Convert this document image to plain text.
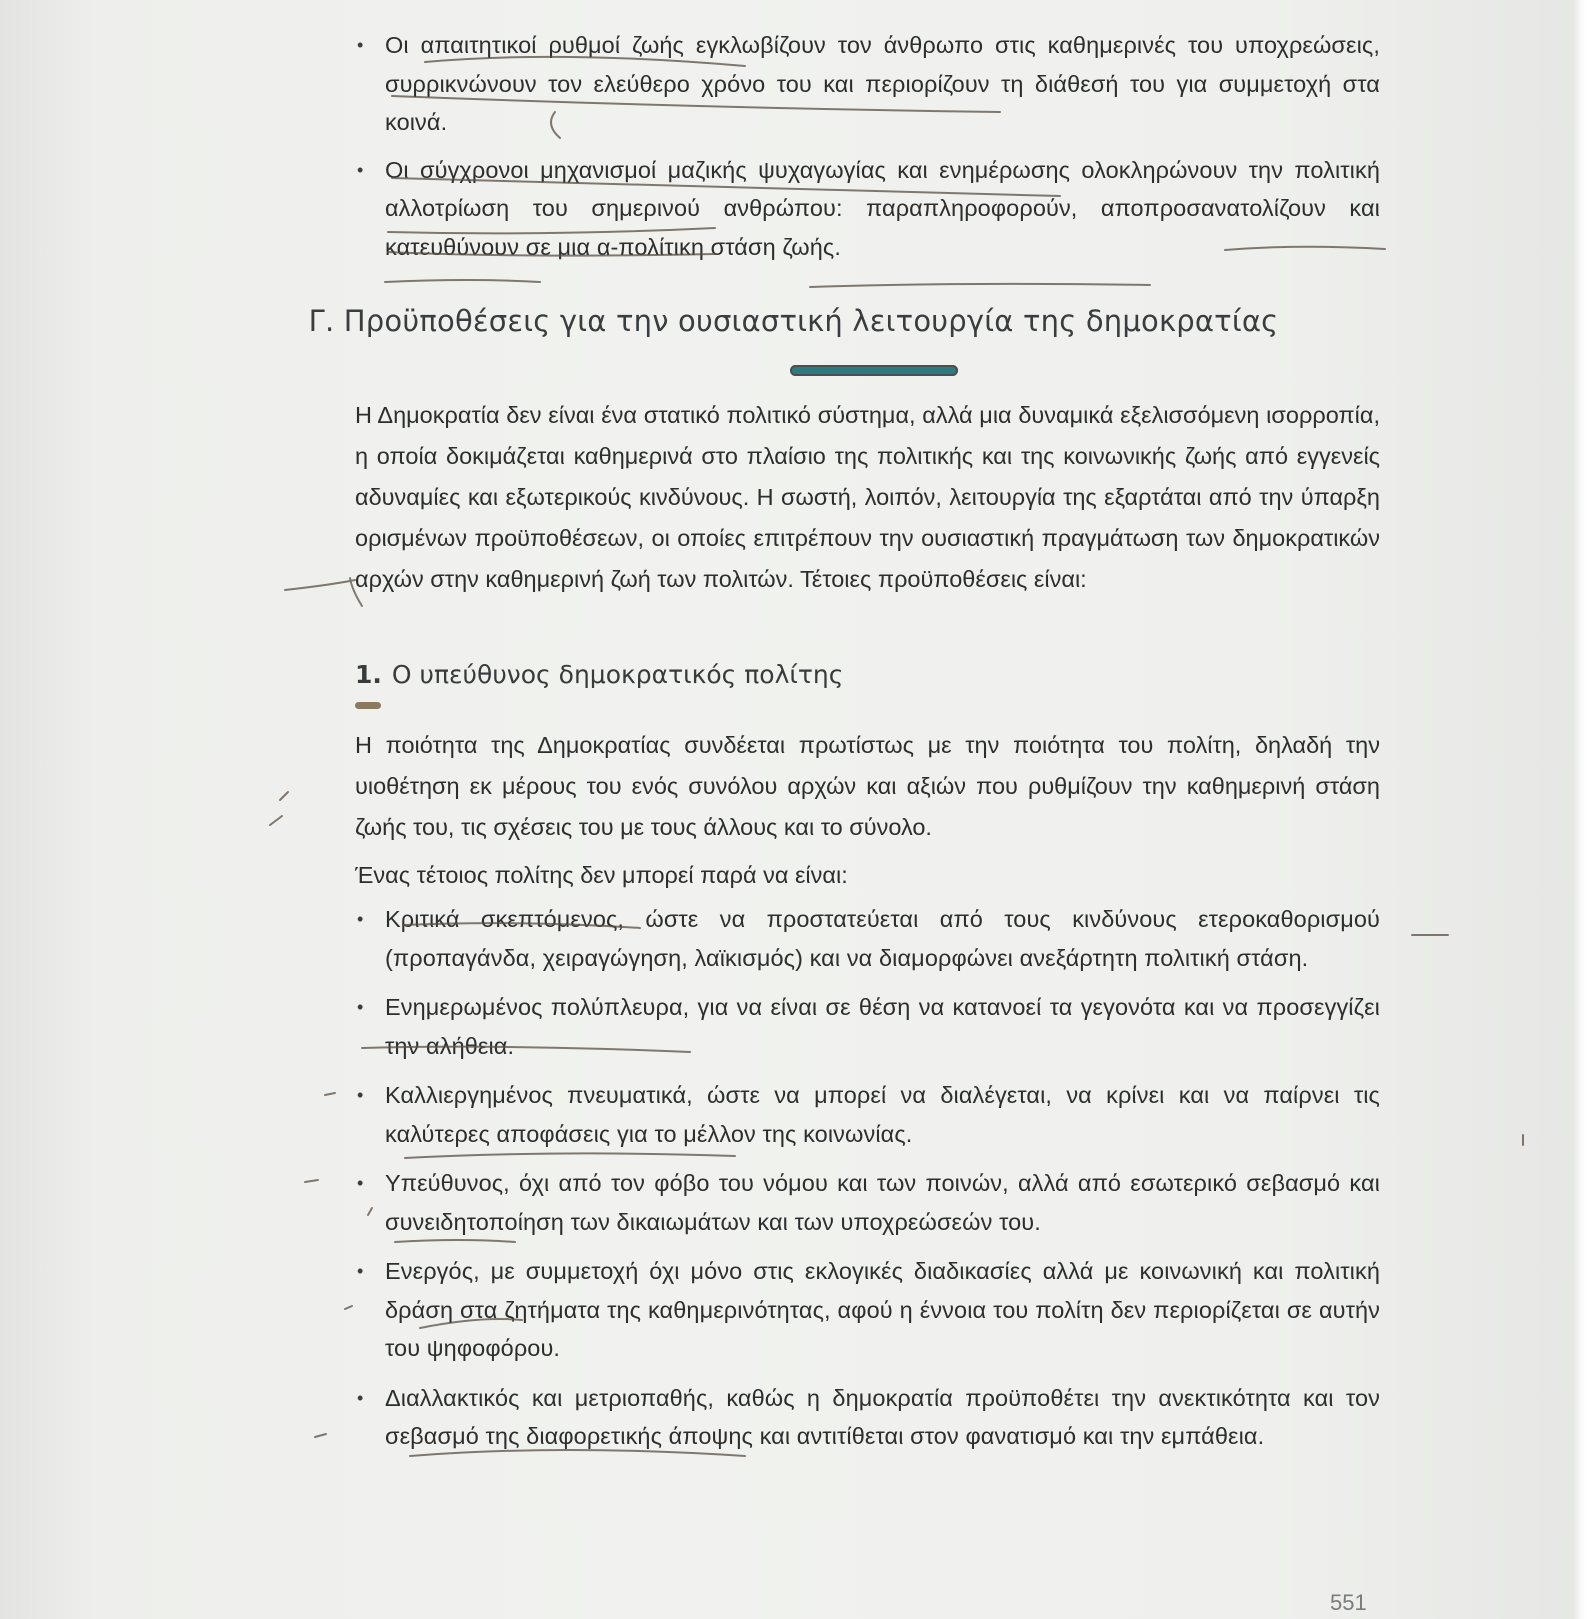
• Οι απαιτητικοί ρυθμοί ζωής εγκλωβίζουν τον άνθρωπο στις καθημερινές του υποχρεώσεις, συρρικνώνουν τον ελεύθερο χρόνο του και περιορίζουν τη διάθεσή του για συμμετοχή στα κοινά.
• Οι σύγχρονοι μηχανισμοί μαζικής ψυχαγωγίας και ενημέρωσης ολοκληρώνουν την πολιτική αλλοτρίωση του σημερινού ανθρώπου: παραπληροφορούν, αποπροσανατολίζουν και κατευθύνουν σε μια α-πολίτικη στάση ζωής.
Γ. Προϋποθέσεις για την ουσιαστική λειτουργία της δημοκρατίας

Η Δημοκρατία δεν είναι ένα στατικό πολιτικό σύστημα, αλλά μια δυναμικά εξελισσόμενη ισορροπία, η οποία δοκιμάζεται καθημερινά στο πλαίσιο της πολιτικής και της κοινωνικής ζωής από εγγενείς αδυναμίες και εξωτερικούς κινδύνους. Η σωστή, λοιπόν, λειτουργία της εξαρτάται από την ύπαρξη ορισμένων προϋποθέσεων, οι οποίες επιτρέπουν την ουσιαστική πραγμάτωση των δημοκρατικών αρχών στην καθημερινή ζωή των πολιτών. Τέτοιες προϋποθέσεις είναι:

1. Ο υπεύθυνος δημοκρατικός πολίτης

Η ποιότητα της Δημοκρατίας συνδέεται πρωτίστως με την ποιότητα του πολίτη, δηλαδή την υιοθέτηση εκ μέρους του ενός συνόλου αρχών και αξιών που ρυθμίζουν την καθημερινή στάση ζωής του, τις σχέσεις του με τους άλλους και το σύνολο.

Ένας τέτοιος πολίτης δεν μπορεί παρά να είναι:

• Κριτικά σκεπτόμενος, ώστε να προστατεύεται από τους κινδύνους ετεροκαθορισμού (προπαγάνδα, χειραγώγηση, λαϊκισμός) και να διαμορφώνει ανεξάρτητη πολιτική στάση.
• Ενημερωμένος πολύπλευρα, για να είναι σε θέση να κατανοεί τα γεγονότα και να προσεγγίζει την αλήθεια.
• Καλλιεργημένος πνευματικά, ώστε να μπορεί να διαλέγεται, να κρίνει και να παίρνει τις καλύτερες αποφάσεις για το μέλλον της κοινωνίας.
• Υπεύθυνος, όχι από τον φόβο του νόμου και των ποινών, αλλά από εσωτερικό σεβασμό και συνειδητοποίηση των δικαιωμάτων και των υποχρεώσεών του.
• Ενεργός, με συμμετοχή όχι μόνο στις εκλογικές διαδικασίες αλλά με κοινωνική και πολιτική δράση στα ζητήματα της καθημερινότητας, αφού η έννοια του πολίτη δεν περιορίζεται σε αυτήν του ψηφοφόρου.
• Διαλλακτικός και μετριοπαθής, καθώς η δημοκρατία προϋποθέτει την ανεκτικότητα και τον σεβασμό της διαφορετικής άποψης και αντιτίθεται στον φανατισμό και την εμπάθεια.
551
